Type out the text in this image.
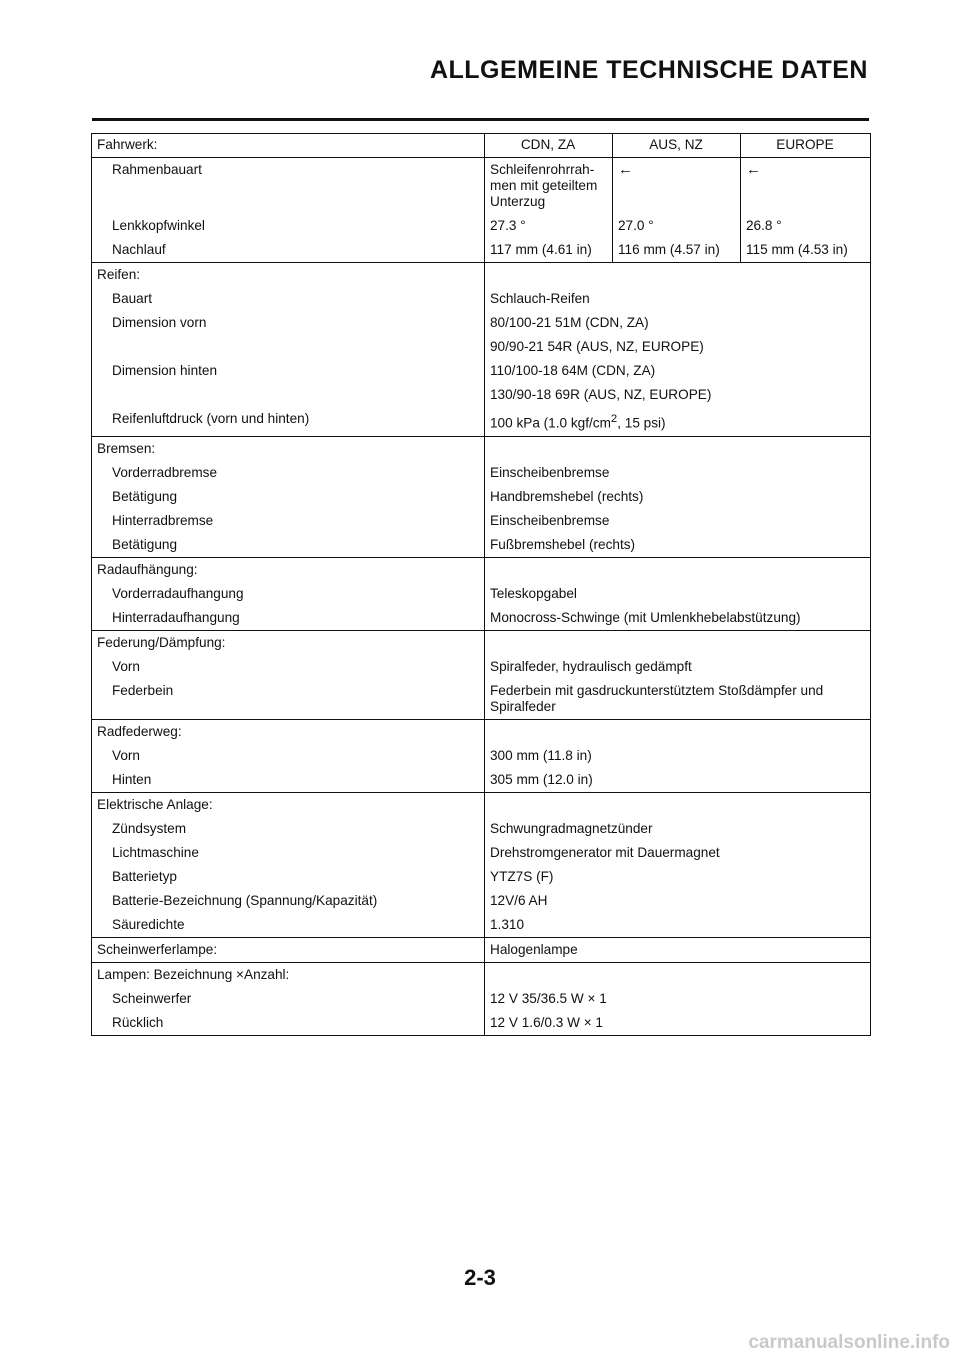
ALLGEMEINE TECHNISCHE DATEN
Fahrwerk:	CDN, ZA	AUS, NZ	EUROPE
Rahmenbauart	Schleifenrohrrah-men mit geteiltem Unterzug	←	←
Lenkkopfwinkel	27.3 °	27.0 °	26.8 °
Nachlauf	117 mm (4.61 in)	116 mm (4.57 in)	115 mm (4.53 in)
Reifen:			
Bauart	Schlauch-Reifen		
Dimension vorn	80/100-21 51M (CDN, ZA)		
	90/90-21 54R (AUS, NZ, EUROPE)		
Dimension hinten	110/100-18 64M (CDN, ZA)		
	130/90-18 69R (AUS, NZ, EUROPE)		
Reifenluftdruck (vorn und hinten)	100 kPa (1.0 kgf/$cm^2$, 15 psi)		
Bremsen:			
Vorderradbremse	Einscheibenbremse		
Betätigung	Handbremshebel (rechts)		
Hinterradbremse	Einscheibenbremse		
Betätigung	Fußbremshebel (rechts)		
Radaufhängung:			
Vorderradaufhangung	Teleskopgabel		
Hinterradaufhangung	Monocross-Schwinge (mit Umlenkhebelabstützung)		
Federung/Dämpfung:			
Vorn	Spiralfeder, hydraulisch gedämpft		
Federbein	Federbein mit gasdruckunterstütztem Stoßdämpfer und Spiralfeder		
Radfederweg:			
Vorn	300 mm (11.8 in)		
Hinten	305 mm (12.0 in)		
Elektrische Anlage:			
Zündsystem	Schwungradmagnetzünder		
Lichtmaschine	Drehstromgenerator mit Dauermagnet		
Batterietyp	YTZ7S (F)		
Batterie-Bezeichnung (Spannung/Kapazität)	12V/6 AH		
Säuredichte	1.310		
Scheinwerferlampe:	Halogenlampe		
Lampen: Bezeichnung ×Anzahl:			
Scheinwerfer	12 V 35/36.5 W × 1		
Rücklich	12 V 1.6/0.3 W × 1		
2-3
carmanualsonline.info
